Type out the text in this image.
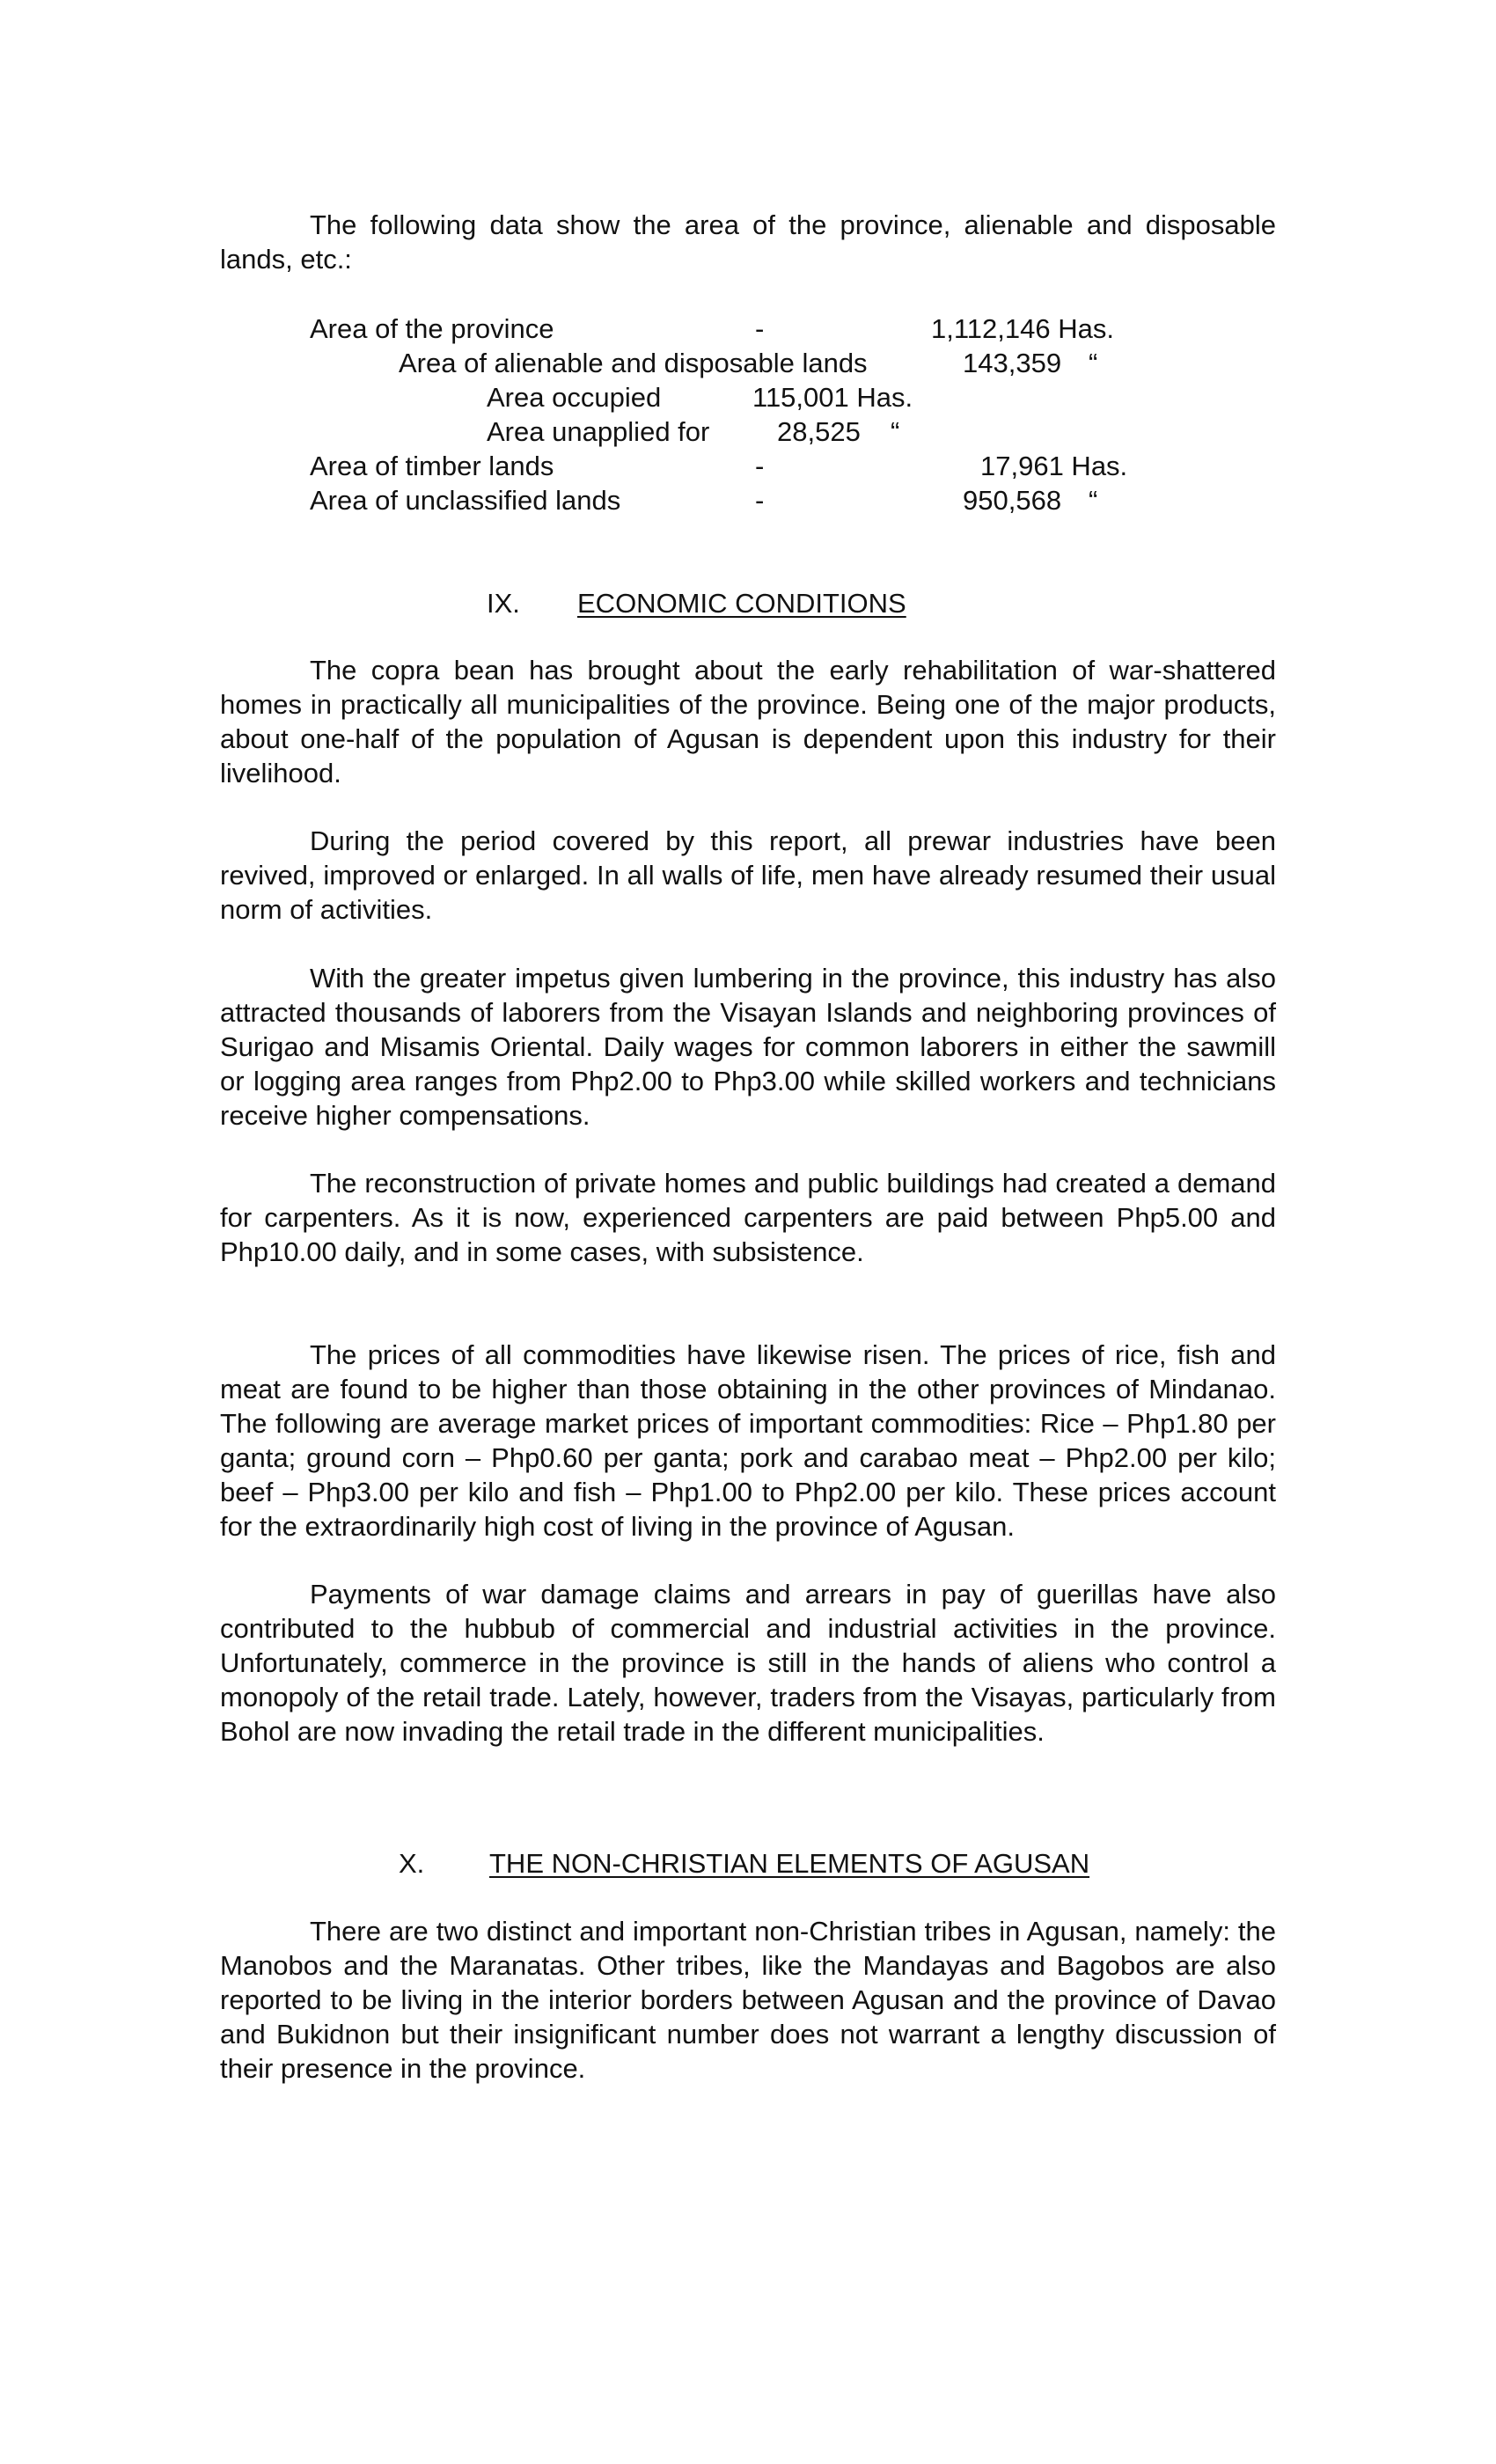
The following data show the area of the province, alienable and disposable lands, etc.:

Area of the province	-	1,112,146 Has.
Area of alienable and disposable lands	143,359 “
Area occupied	115,001 Has.
Area unapplied for 28,525 “
Area of timber lands	-	17,961 Has.
Area of unclassified lands	-	950,568 “
IX. ECONOMIC CONDITIONS

The copra bean has brought about the early rehabilitation of war-shattered homes in practically all municipalities of the province. Being one of the major products, about one-half of the population of Agusan is dependent upon this industry for their livelihood.

During the period covered by this report, all prewar industries have been revived, improved or enlarged. In all walls of life, men have already resumed their usual norm of activities.

With the greater impetus given lumbering in the province, this industry has also attracted thousands of laborers from the Visayan Islands and neighboring provinces of Surigao and Misamis Oriental. Daily wages for common laborers in either the sawmill or logging area ranges from Php2.00 to Php3.00 while skilled workers and technicians receive higher compensations.

The reconstruction of private homes and public buildings had created a demand for carpenters. As it is now, experienced carpenters are paid between Php5.00 and Php10.00 daily, and in some cases, with subsistence.

The prices of all commodities have likewise risen. The prices of rice, fish and meat are found to be higher than those obtaining in the other provinces of Mindanao. The following are average market prices of important commodities: Rice – Php1.80 per ganta; ground corn – Php0.60 per ganta; pork and carabao meat – Php2.00 per kilo; beef – Php3.00 per kilo and fish – Php1.00 to Php2.00 per kilo. These prices account for the extraordinarily high cost of living in the province of Agusan.

Payments of war damage claims and arrears in pay of guerillas have also contributed to the hubbub of commercial and industrial activities in the province. Unfortunately, commerce in the province is still in the hands of aliens who control a monopoly of the retail trade. Lately, however, traders from the Visayas, particularly from Bohol are now invading the retail trade in the different municipalities.

X. THE NON-CHRISTIAN ELEMENTS OF AGUSAN

There are two distinct and important non-Christian tribes in Agusan, namely: the Manobos and the Maranatas. Other tribes, like the Mandayas and Bagobos are also reported to be living in the interior borders between Agusan and the province of Davao and Bukidnon but their insignificant number does not warrant a lengthy discussion of their presence in the province.
